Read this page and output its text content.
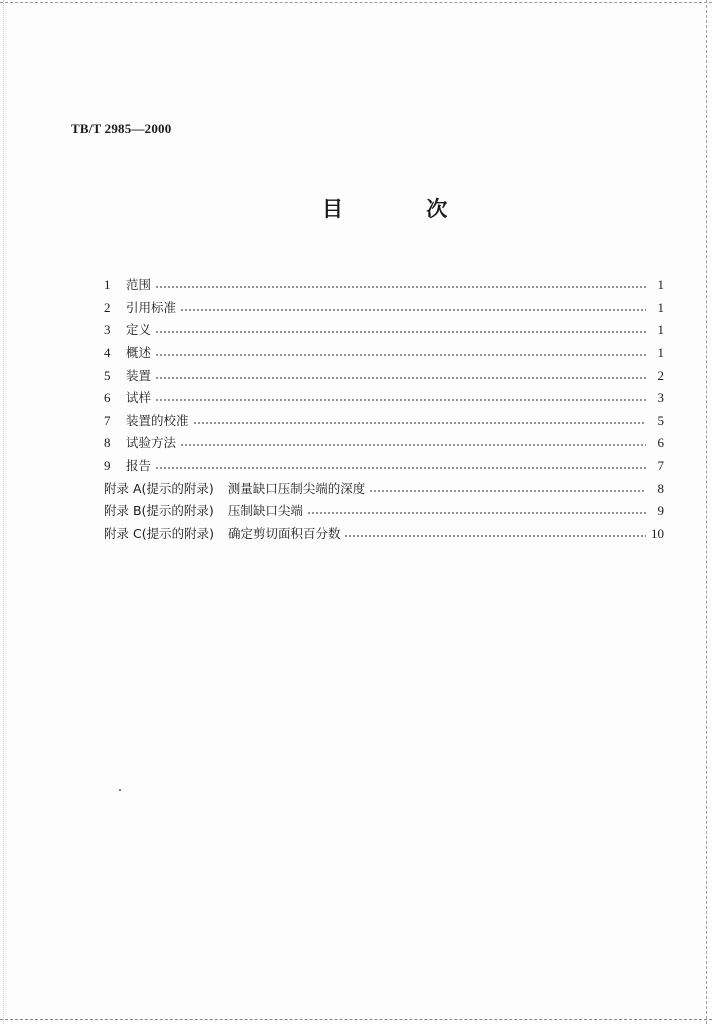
TB/T 2985—2000
目 次
1	范围	1
2	引用标准	1
3	定义	1
4	概述	1
5	装置	2
6	试样	3
7	装置的校准	5
8	试验方法	6
9	报告	7
附录 A(提示的附录) 测量缺口压制尖端的深度	8
附录 B(提示的附录) 压制缺口尖端	9
附录 C(提示的附录) 确定剪切面积百分数	10
